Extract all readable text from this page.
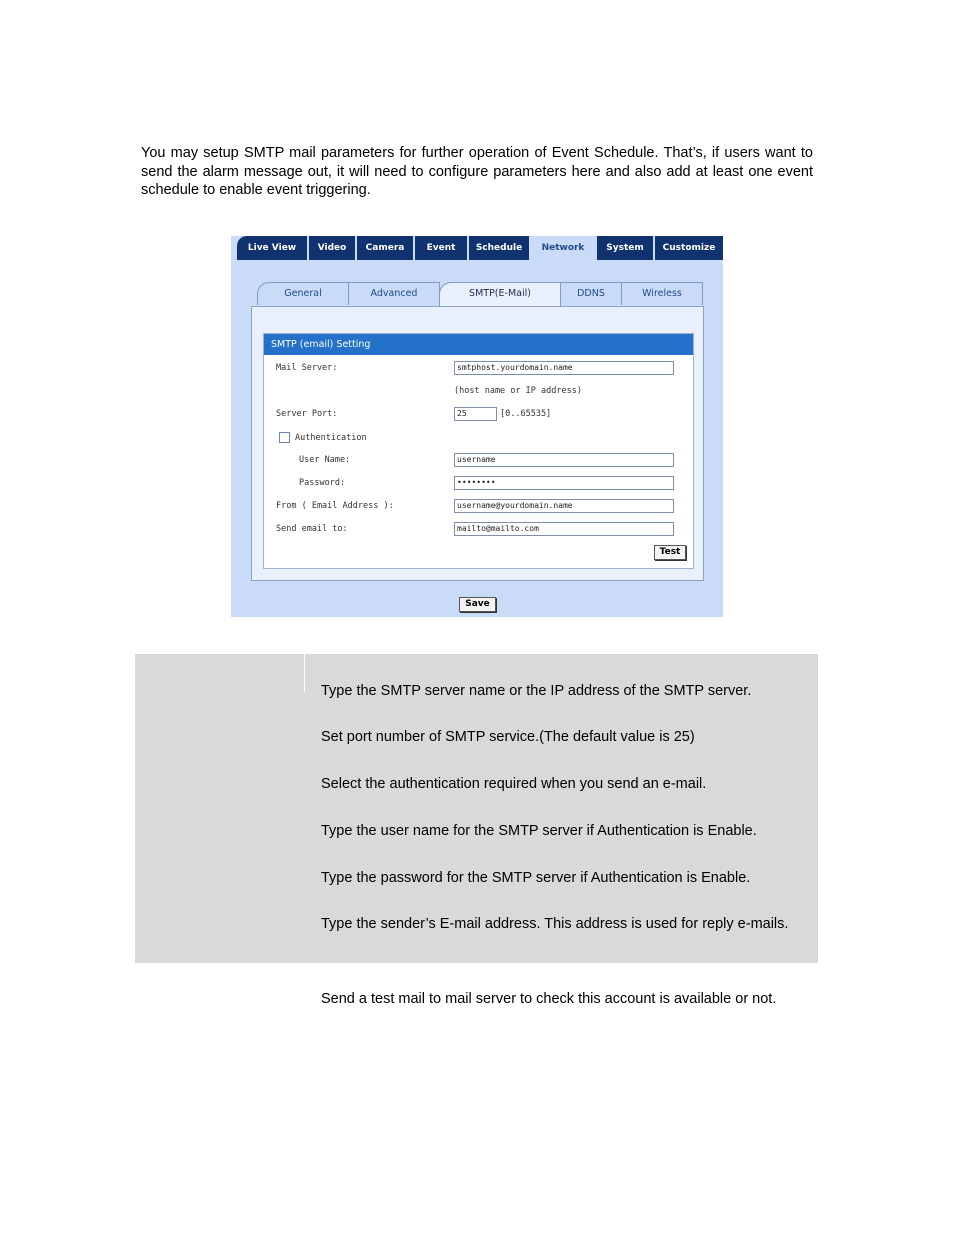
You may setup SMTP mail parameters for further operation of Event Schedule. That’s, if users want to send the alarm message out, it will need to configure parameters here and also add at least one event schedule to enable event triggering.

Live View	Video	Camera	Event	Schedule	Network	System	Customize
General	Advanced	SMTP(E-Mail)	DDNS	Wireless
SMTP (email) Setting
Mail Server:	smtphost.yourdomain.name
(host name or IP address)
Server Port:	25	[0..65535]
Authentication
User Name:	username
Password:	••••••••
From ( Email Address ):	username@yourdomain.name
Send email to:	mailto@mailto.com
Test
Save

Type the SMTP server name or the IP address of the SMTP server.

Set port number of SMTP service.(The default value is 25)

Select the authentication required when you send an e-mail.

Type the user name for the SMTP server if Authentication is Enable.

Type the password for the SMTP server if Authentication is Enable.

Type the sender’s E-mail address. This address is used for reply e-mails.

Send a test mail to mail server to check this account is available or not.
